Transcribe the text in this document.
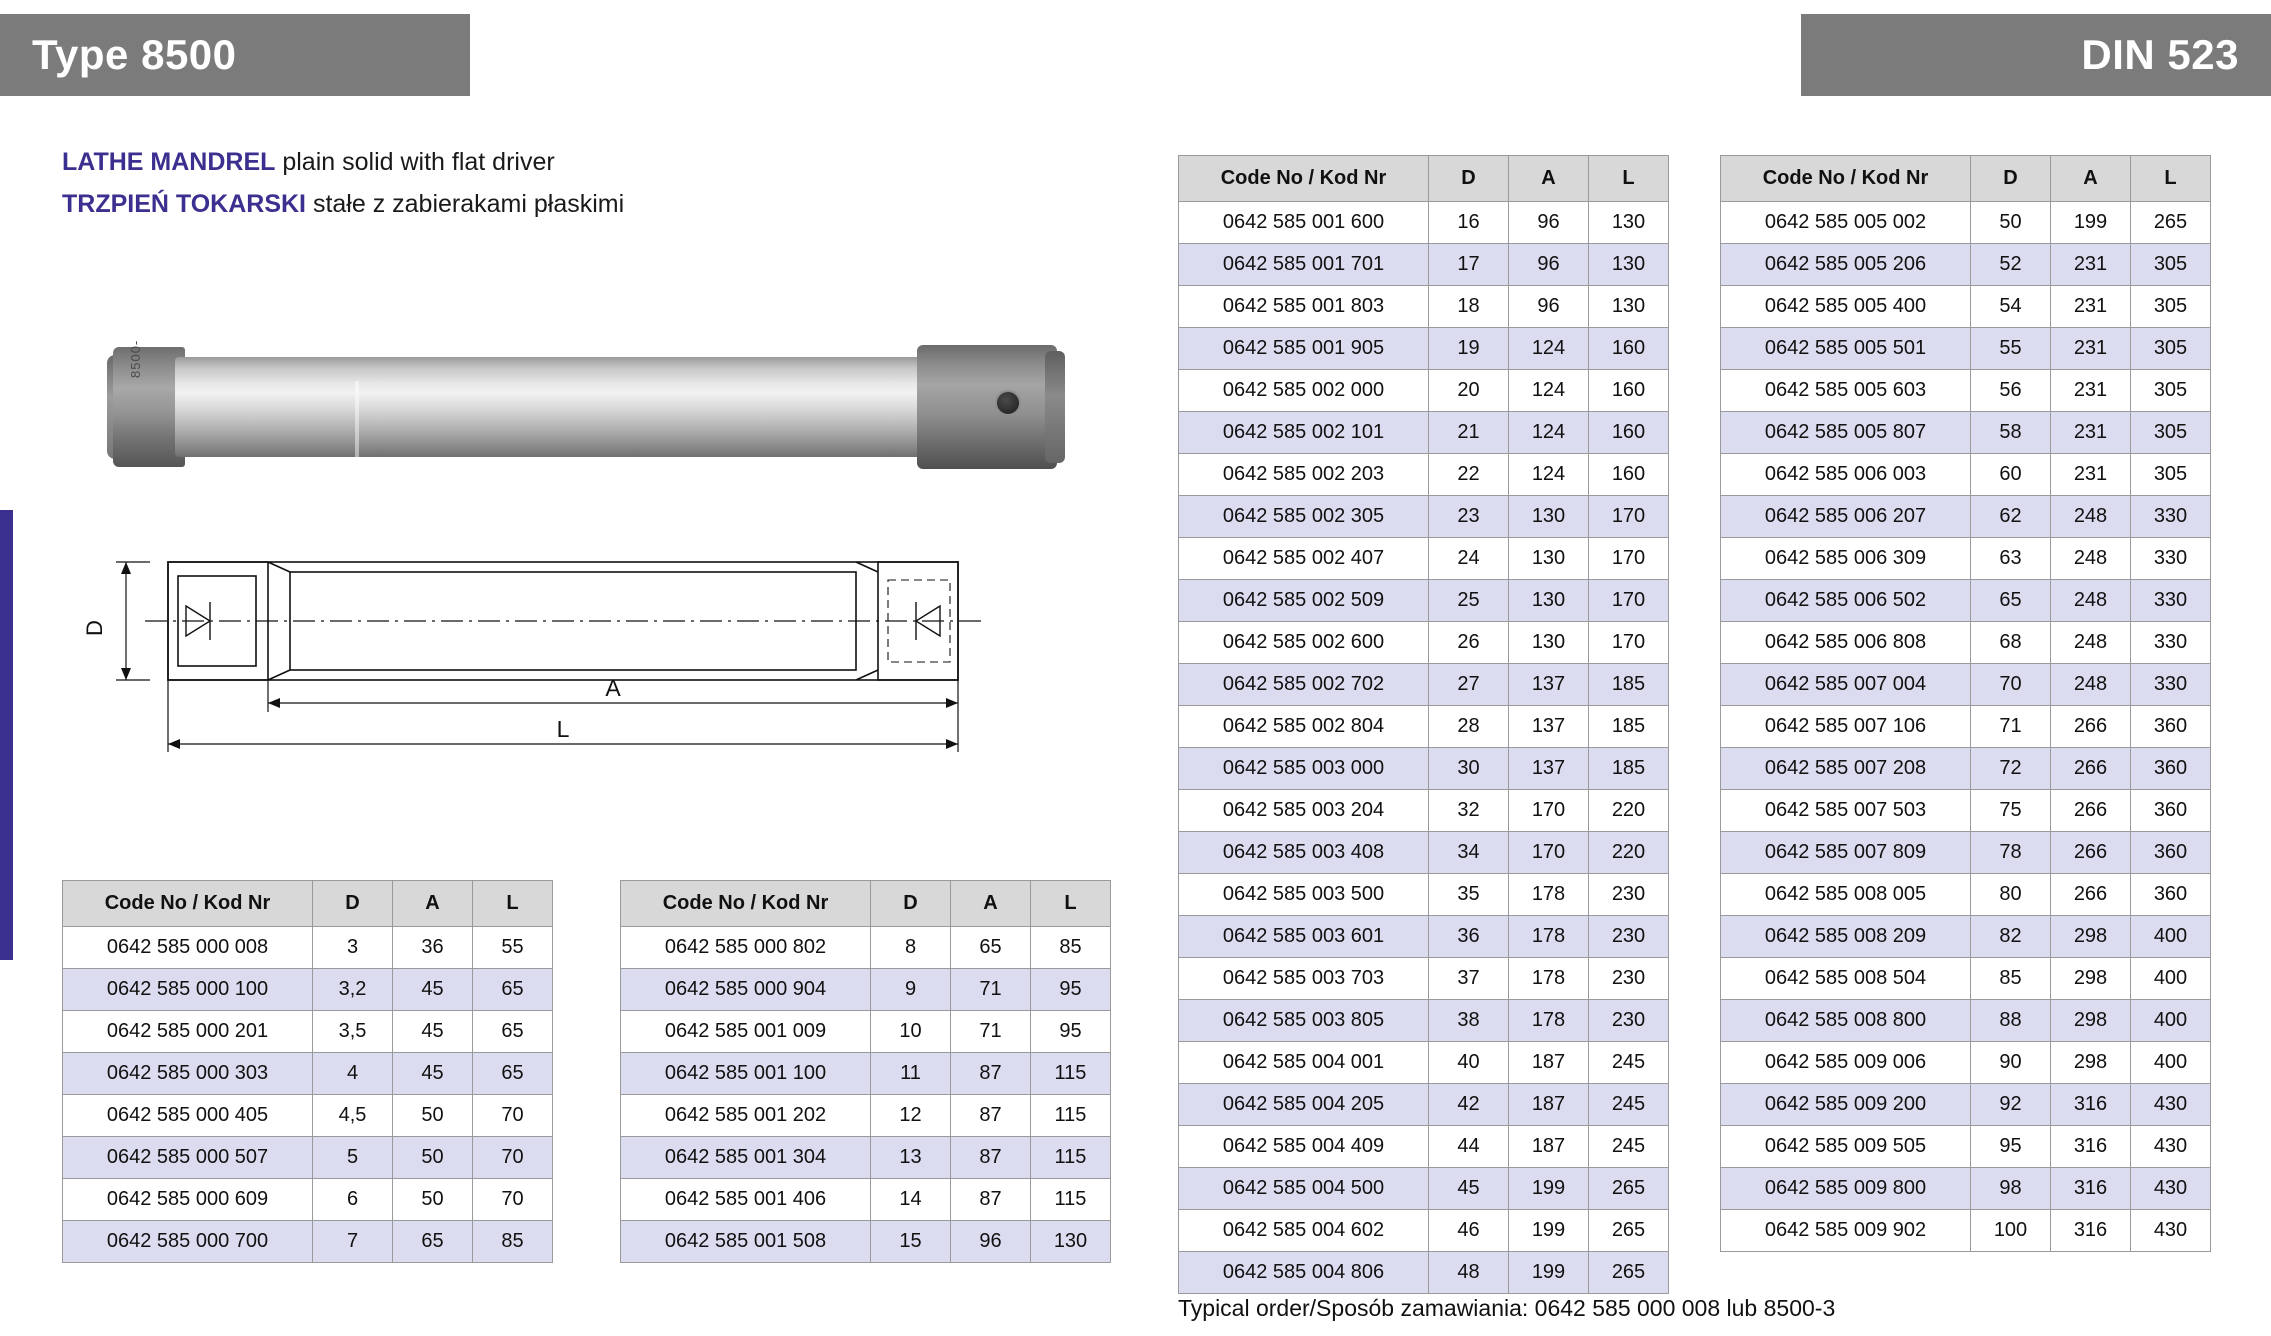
Type 8500	DIN 523
LATHE MANDREL plain solid with flat driver
TRZPIEŃ TOKARSKI stałe z zabierakami płaskimi
8500-
D
A
L
Code No / Kod Nr	D	A	L
0642 585 000 008	3	36	55
0642 585 000 100	3,2	45	65
0642 585 000 201	3,5	45	65
0642 585 000 303	4	45	65
0642 585 000 405	4,5	50	70
0642 585 000 507	5	50	70
0642 585 000 609	6	50	70
0642 585 000 700	7	65	85
Code No / Kod Nr	D	A	L
0642 585 000 802	8	65	85
0642 585 000 904	9	71	95
0642 585 001 009	10	71	95
0642 585 001 100	11	87	115
0642 585 001 202	12	87	115
0642 585 001 304	13	87	115
0642 585 001 406	14	87	115
0642 585 001 508	15	96	130
Code No / Kod Nr	D	A	L
0642 585 001 600	16	96	130
0642 585 001 701	17	96	130
0642 585 001 803	18	96	130
0642 585 001 905	19	124	160
0642 585 002 000	20	124	160
0642 585 002 101	21	124	160
0642 585 002 203	22	124	160
0642 585 002 305	23	130	170
0642 585 002 407	24	130	170
0642 585 002 509	25	130	170
0642 585 002 600	26	130	170
0642 585 002 702	27	137	185
0642 585 002 804	28	137	185
0642 585 003 000	30	137	185
0642 585 003 204	32	170	220
0642 585 003 408	34	170	220
0642 585 003 500	35	178	230
0642 585 003 601	36	178	230
0642 585 003 703	37	178	230
0642 585 003 805	38	178	230
0642 585 004 001	40	187	245
0642 585 004 205	42	187	245
0642 585 004 409	44	187	245
0642 585 004 500	45	199	265
0642 585 004 602	46	199	265
0642 585 004 806	48	199	265
Code No / Kod Nr	D	A	L
0642 585 005 002	50	199	265
0642 585 005 206	52	231	305
0642 585 005 400	54	231	305
0642 585 005 501	55	231	305
0642 585 005 603	56	231	305
0642 585 005 807	58	231	305
0642 585 006 003	60	231	305
0642 585 006 207	62	248	330
0642 585 006 309	63	248	330
0642 585 006 502	65	248	330
0642 585 006 808	68	248	330
0642 585 007 004	70	248	330
0642 585 007 106	71	266	360
0642 585 007 208	72	266	360
0642 585 007 503	75	266	360
0642 585 007 809	78	266	360
0642 585 008 005	80	266	360
0642 585 008 209	82	298	400
0642 585 008 504	85	298	400
0642 585 008 800	88	298	400
0642 585 009 006	90	298	400
0642 585 009 200	92	316	430
0642 585 009 505	95	316	430
0642 585 009 800	98	316	430
0642 585 009 902	100	316	430
Typical order/Sposób zamawiania: 0642 585 000 008 lub 8500-3
